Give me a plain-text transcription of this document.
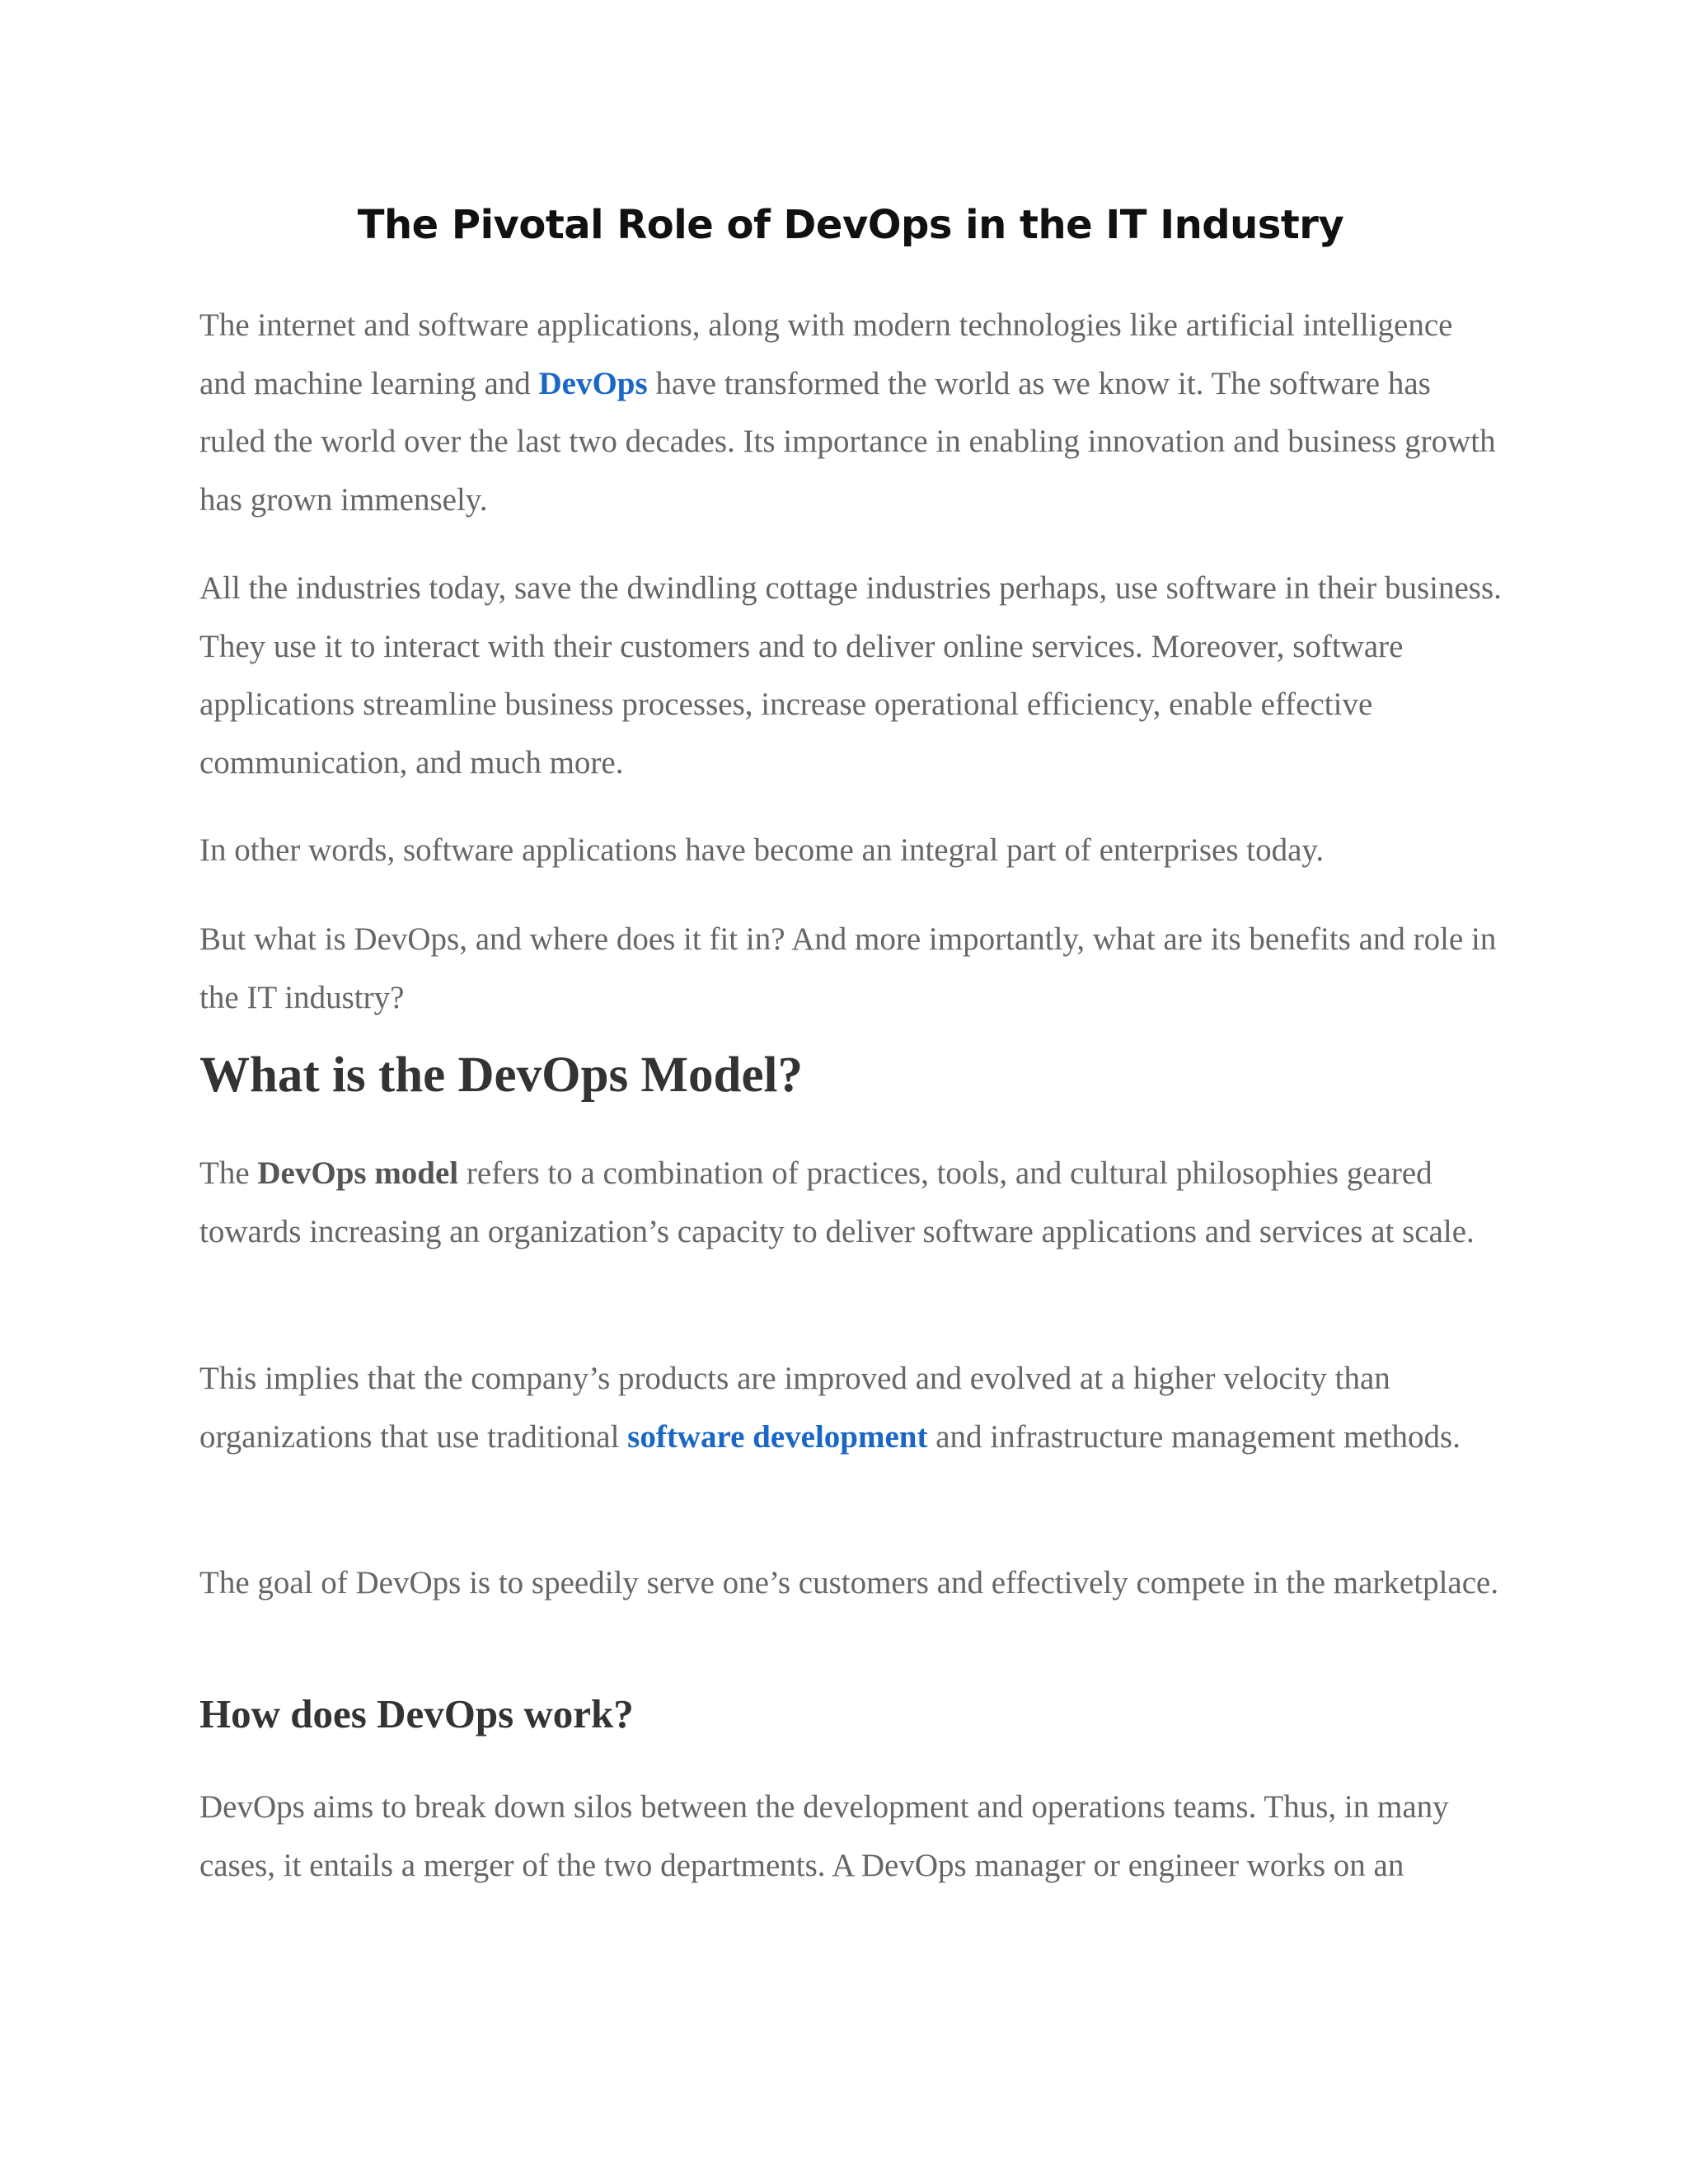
The Pivotal Role of DevOps in the IT Industry

The internet and software applications, along with modern technologies like artificial intelligence and machine learning and DevOps have transformed the world as we know it. The software has ruled the world over the last two decades. Its importance in enabling innovation and business growth has grown immensely.

All the industries today, save the dwindling cottage industries perhaps, use software in their business. They use it to interact with their customers and to deliver online services. Moreover, software applications streamline business processes, increase operational efficiency, enable effective communication, and much more.

In other words, software applications have become an integral part of enterprises today.

But what is DevOps, and where does it fit in? And more importantly, what are its benefits and role in the IT industry?

What is the DevOps Model?

The DevOps model refers to a combination of practices, tools, and cultural philosophies geared towards increasing an organization’s capacity to deliver software applications and services at scale.

This implies that the company’s products are improved and evolved at a higher velocity than organizations that use traditional software development and infrastructure management methods.

The goal of DevOps is to speedily serve one’s customers and effectively compete in the marketplace.

How does DevOps work?

DevOps aims to break down silos between the development and operations teams. Thus, in many cases, it entails a merger of the two departments. A DevOps manager or engineer works on an
